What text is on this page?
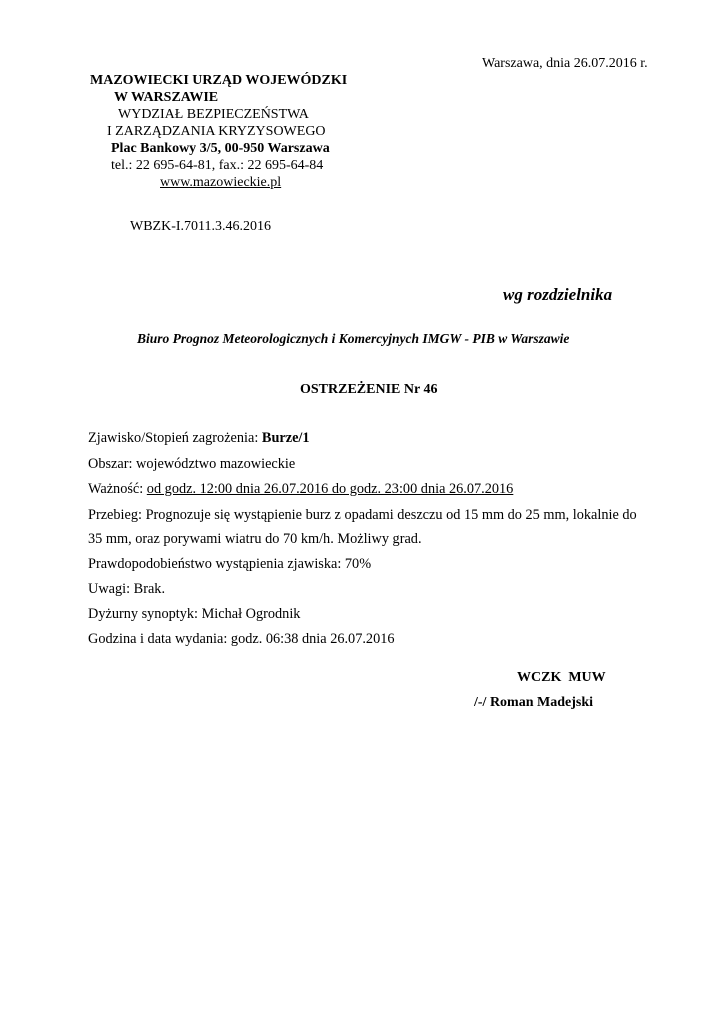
Warszawa, dnia 26.07.2016 r.
MAZOWIECKI URZĄD WOJEWÓDZKI
W WARSZAWIE
WYDZIAŁ BEZPIECZEŃSTWA
I ZARZĄDZANIA KRYZYSOWEGO
Plac Bankowy 3/5, 00-950 Warszawa
tel.: 22 695-64-81, fax.: 22 695-64-84
www.mazowieckie.pl
WBZK-I.7011.3.46.2016
wg rozdzielnika
Biuro Prognoz Meteorologicznych i Komercyjnych IMGW - PIB w Warszawie
OSTRZEŻENIE Nr 46
Zjawisko/Stopień zagrożenia: Burze/1
Obszar: województwo mazowieckie
Ważność: od godz. 12:00 dnia 26.07.2016 do godz. 23:00 dnia 26.07.2016
Przebieg: Prognozuje się wystąpienie burz z opadami deszczu od 15 mm do 25 mm, lokalnie do
35 mm, oraz porywami wiatru do 70 km/h. Możliwy grad.
Prawdopodobieństwo wystąpienia zjawiska: 70%
Uwagi: Brak.
Dyżurny synoptyk: Michał Ogrodnik
Godzina i data wydania: godz. 06:38 dnia 26.07.2016
WCZK  MUW
/-/ Roman Madejski
